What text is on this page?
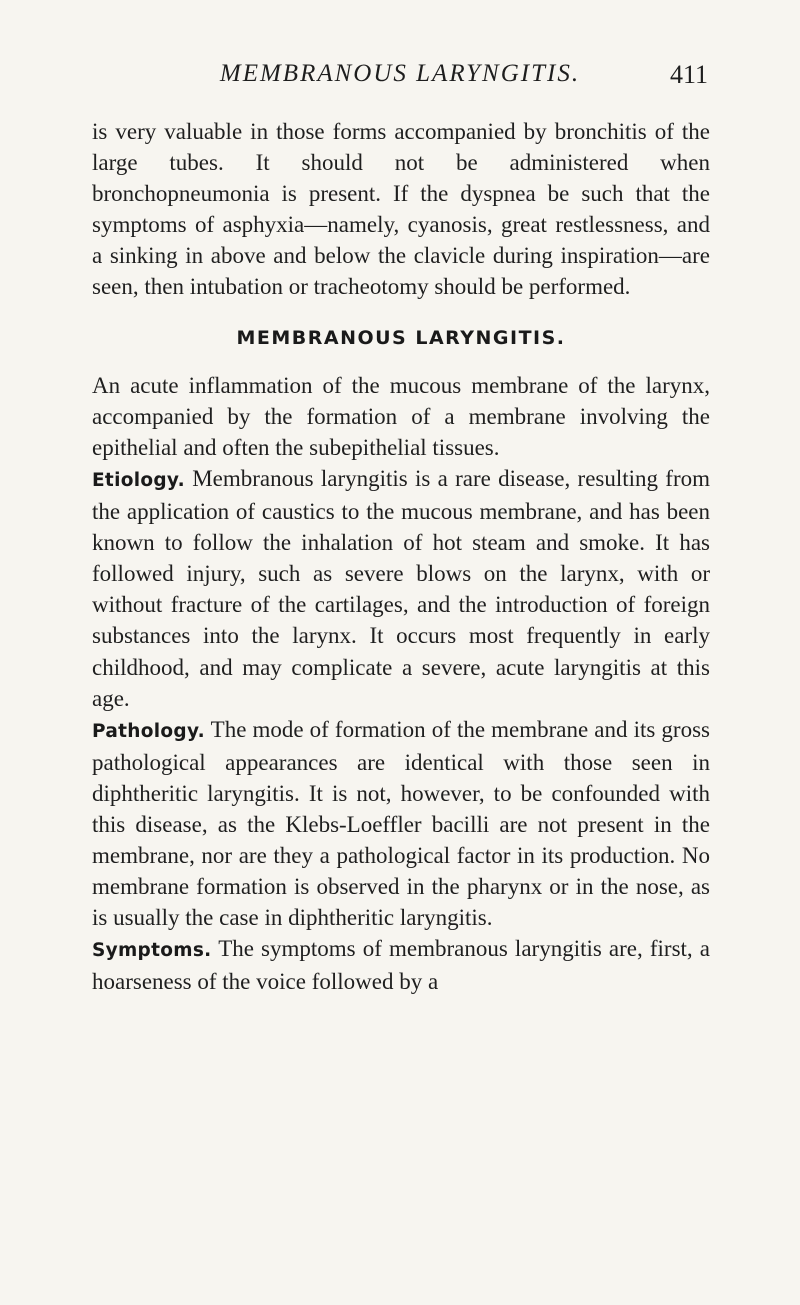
MEMBRANOUS LARYNGITIS.	411

is very valuable in those forms accompanied by bronchitis of the large tubes. It should not be administered when bronchopneumonia is present. If the dyspnea be such that the symptoms of asphyxia—namely, cyanosis, great restlessness, and a sinking in above and below the clavicle during inspiration—are seen, then intubation or tracheotomy should be performed.

MEMBRANOUS LARYNGITIS.

An acute inflammation of the mucous membrane of the larynx, accompanied by the formation of a membrane involving the epithelial and often the subepithelial tissues.

Etiology. Membranous laryngitis is a rare disease, resulting from the application of caustics to the mucous membrane, and has been known to follow the inhalation of hot steam and smoke. It has followed injury, such as severe blows on the larynx, with or without fracture of the cartilages, and the introduction of foreign substances into the larynx. It occurs most frequently in early childhood, and may complicate a severe, acute laryngitis at this age.

Pathology. The mode of formation of the membrane and its gross pathological appearances are identical with those seen in diphtheritic laryngitis. It is not, however, to be confounded with this disease, as the Klebs-Loeffler bacilli are not present in the membrane, nor are they a pathological factor in its production. No membrane formation is observed in the pharynx or in the nose, as is usually the case in diphtheritic laryngitis.

Symptoms. The symptoms of membranous laryngitis are, first, a hoarseness of the voice followed by a
